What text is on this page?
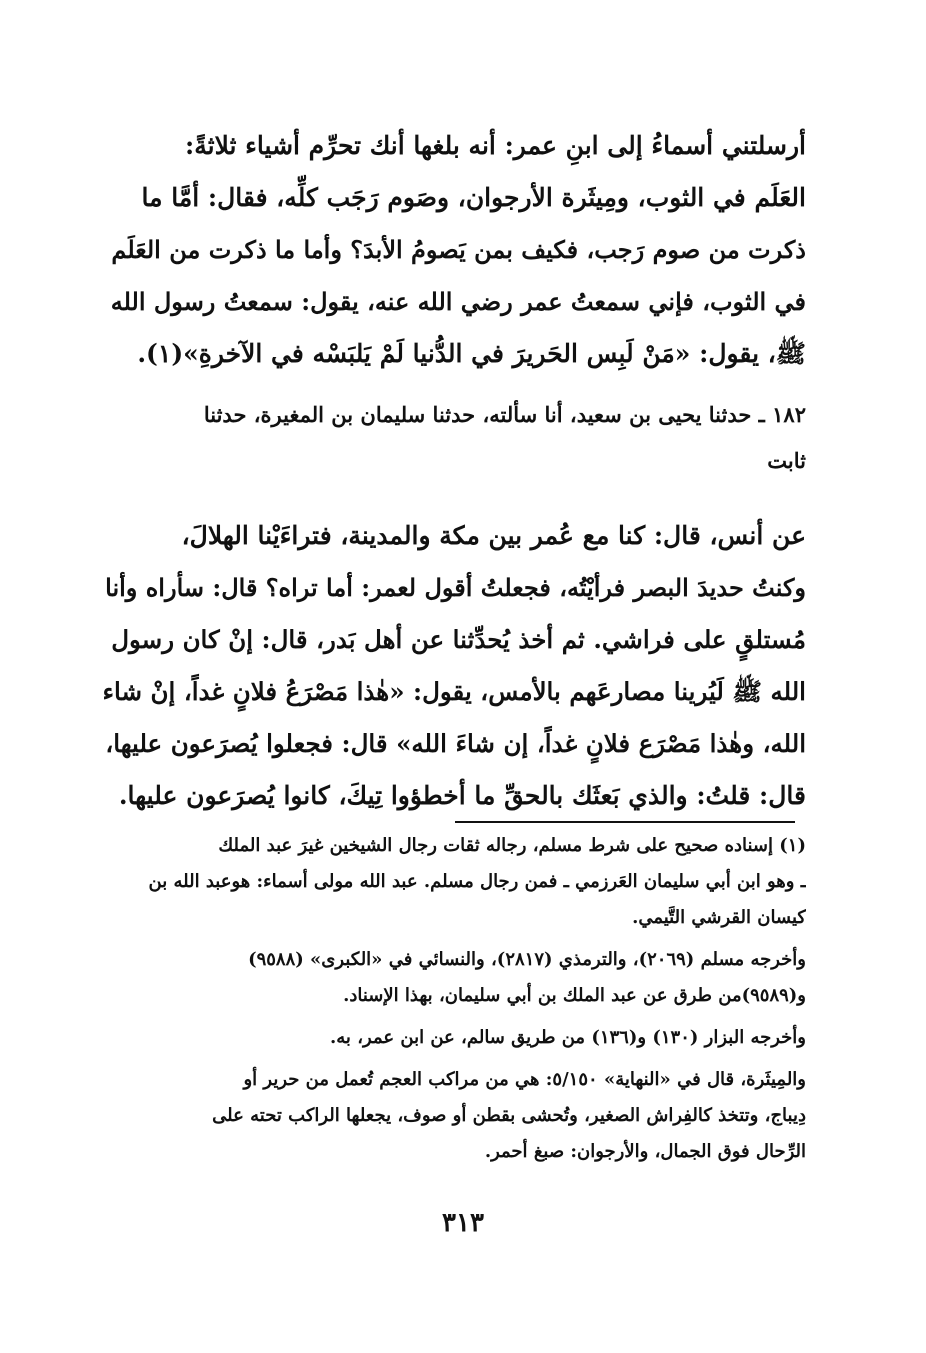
أرسلتني أسماءُ إلى ابنِ عمر: أنه بلغها أنك تحرِّم أشياء ثلاثةً:
العَلَم في الثوب، ومِيثَرة الأرجوان، وصَوم رَجَب كلِّه، فقال: أمَّا ما
ذكرت من صوم رَجب، فكيف بمن يَصومُ الأبدَ؟ وأما ما ذكرت من العَلَم
في الثوب، فإني سمعتُ عمر رضي الله عنه، يقول: سمعتُ رسول الله
ﷺ، يقول: «مَنْ لَبِس الحَريرَ في الدُّنيا لَمْ يَلبَسْه في الآخرةِ»(١).
١٨٢ ـ حدثنا يحيى بن سعيد، أنا سألته، حدثنا سليمان بن المغيرة، حدثنا
ثابت
عن أنس، قال: كنا مع عُمر بين مكة والمدينة، فتراءَيْنا الهلالَ،
وكنتُ حديدَ البصر فرأيْتُه، فجعلتُ أقول لعمر: أما تراه؟ قال: سأراه وأنا
مُستلقٍ على فراشي. ثم أخذ يُحدِّثنا عن أهل بَدر، قال: إنْ كان رسول
الله ﷺ لَيُرينا مصارعَهم بالأمس، يقول: «هٰذا مَصْرَعُ فلانٍ غداً، إنْ شاء
الله، وهٰذا مَصْرَع فلانٍ غداً، إن شاءَ الله» قال: فجعلوا يُصرَعون عليها،
قال: قلتُ: والذي بَعثَك بالحقِّ ما أخطؤوا تِيكَ، كانوا يُصرَعون عليها.
(١) إسناده صحيح على شرط مسلم، رجاله ثقات رجال الشيخين غيرَ عبد الملك
ـ وهو ابن أبي سليمان العَرزمي ـ فمن رجال مسلم. عبد الله مولى أسماء: هوعبد الله بن
كيسان القرشي التَّيمي.
وأخرجه مسلم (٢٠٦٩)، والترمذي (٢٨١٧)، والنسائي في «الكبرى» (٩٥٨٨)
و(٩٥٨٩)من طرق عن عبد الملك بن أبي سليمان، بهذا الإسناد.
وأخرجه البزار (١٣٠) و(١٣٦) من طريق سالم، عن ابن عمر، به.
والمِيثَرة، قال في «النهاية» ٥/١٥٠: هي من مراكب العجم تُعمل من حرير أو
دِيباج، وتتخذ كالفِراش الصغير، وتُحشى بقطن أو صوف، يجعلها الراكب تحته على
الرِّحال فوق الجمال، والأرجوان: صبغ أحمر.
٣١٣
